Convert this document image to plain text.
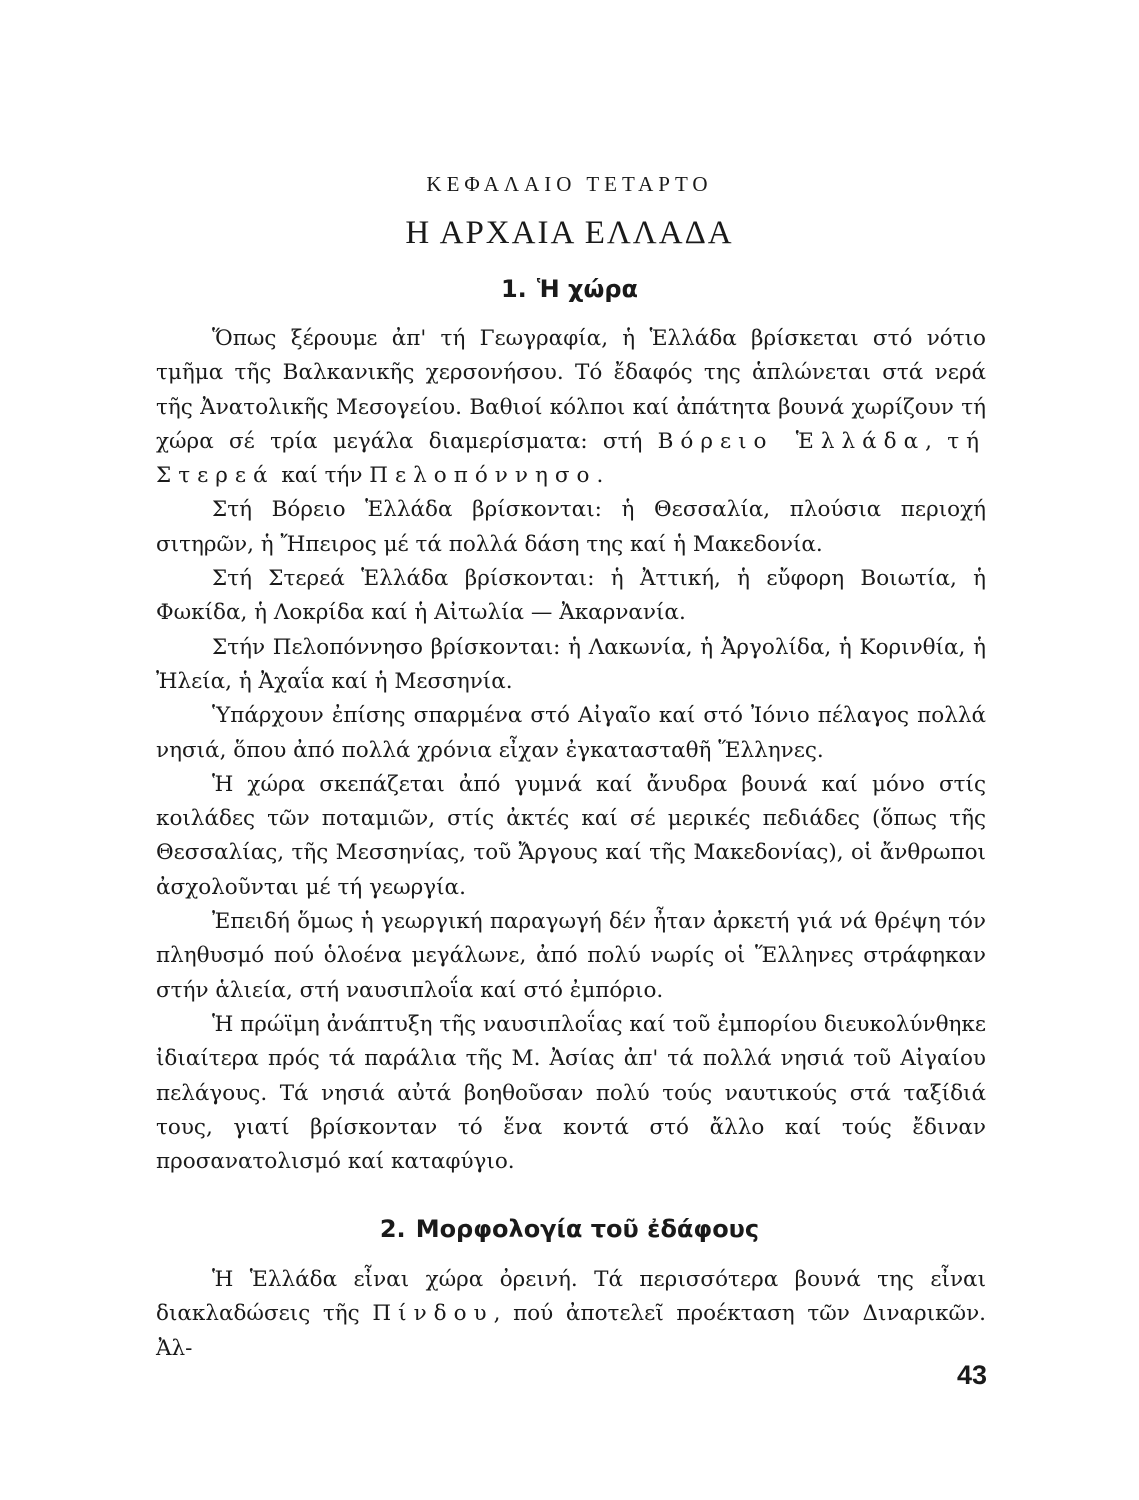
ΚΕΦΑΛΑΙΟ ΤΕΤΑΡΤΟ
Η ΑΡΧΑΙΑ ΕΛΛΑΔΑ
1. Ἡ χώρα

Ὅπως ξέρουμε ἀπ' τή Γεωγραφία, ἡ Ἑλλάδα βρίσκεται στό νότιο τμῆμα τῆς Βαλκανικῆς χερσονήσου. Τό ἔδαφός της ἁπλώνεται στά νερά τῆς Ἀνατολικῆς Μεσογείου. Βαθιοί κόλποι καί ἀπάτητα βουνά χωρίζουν τή χώρα σέ τρία μεγάλα διαμερίσματα: στή Βόρειο Ἑλλάδα, τή Στερεά καί τήν Πελοπόννησο.

Στή Βόρειο Ἑλλάδα βρίσκονται: ἡ Θεσσαλία, πλούσια περιοχή σιτηρῶν, ἡ Ἤπειρος μέ τά πολλά δάση της καί ἡ Μακεδονία.

Στή Στερεά Ἑλλάδα βρίσκονται: ἡ Ἀττική, ἡ εὔφορη Βοιωτία, ἡ Φωκίδα, ἡ Λοκρίδα καί ἡ Αἰτωλία — Ἀκαρνανία.

Στήν Πελοπόννησο βρίσκονται: ἡ Λακωνία, ἡ Ἀργολίδα, ἡ Κορινθία, ἡ Ἠλεία, ἡ Ἀχαΐα καί ἡ Μεσσηνία.

Ὑπάρχουν ἐπίσης σπαρμένα στό Αἰγαῖο καί στό Ἰόνιο πέλαγος πολλά νησιά, ὅπου ἀπό πολλά χρόνια εἶχαν ἐγκατασταθῆ Ἕλληνες.

Ἡ χώρα σκεπάζεται ἀπό γυμνά καί ἄνυδρα βουνά καί μόνο στίς κοιλάδες τῶν ποταμιῶν, στίς ἀκτές καί σέ μερικές πεδιάδες (ὅπως τῆς Θεσσαλίας, τῆς Μεσσηνίας, τοῦ Ἄργους καί τῆς Μακεδονίας), οἱ ἄνθρωποι ἀσχολοῦνται μέ τή γεωργία.

Ἐπειδή ὅμως ἡ γεωργική παραγωγή δέν ἦταν ἀρκετή γιά νά θρέψη τόν πληθυσμό πού ὁλοένα μεγάλωνε, ἀπό πολύ νωρίς οἱ Ἕλληνες στράφηκαν στήν ἁλιεία, στή ναυσιπλοΐα καί στό ἐμπόριο.

Ἡ πρώϊμη ἀνάπτυξη τῆς ναυσιπλοΐας καί τοῦ ἐμπορίου διευκολύνθηκε ἰδιαίτερα πρός τά παράλια τῆς Μ. Ἀσίας ἀπ' τά πολλά νησιά τοῦ Αἰγαίου πελάγους. Τά νησιά αὐτά βοηθοῦσαν πολύ τούς ναυτικούς στά ταξίδιά τους, γιατί βρίσκονταν τό ἕνα κοντά στό ἄλλο καί τούς ἔδιναν προσανατολισμό καί καταφύγιο.

2. Μορφολογία τοῦ ἐδάφους

Ἡ Ἑλλάδα εἶναι χώρα ὀρεινή. Τά περισσότερα βουνά της εἶναι διακλαδώσεις τῆς Πίνδου, πού ἀποτελεῖ προέκταση τῶν Διναρικῶν. Ἀλ-

43
